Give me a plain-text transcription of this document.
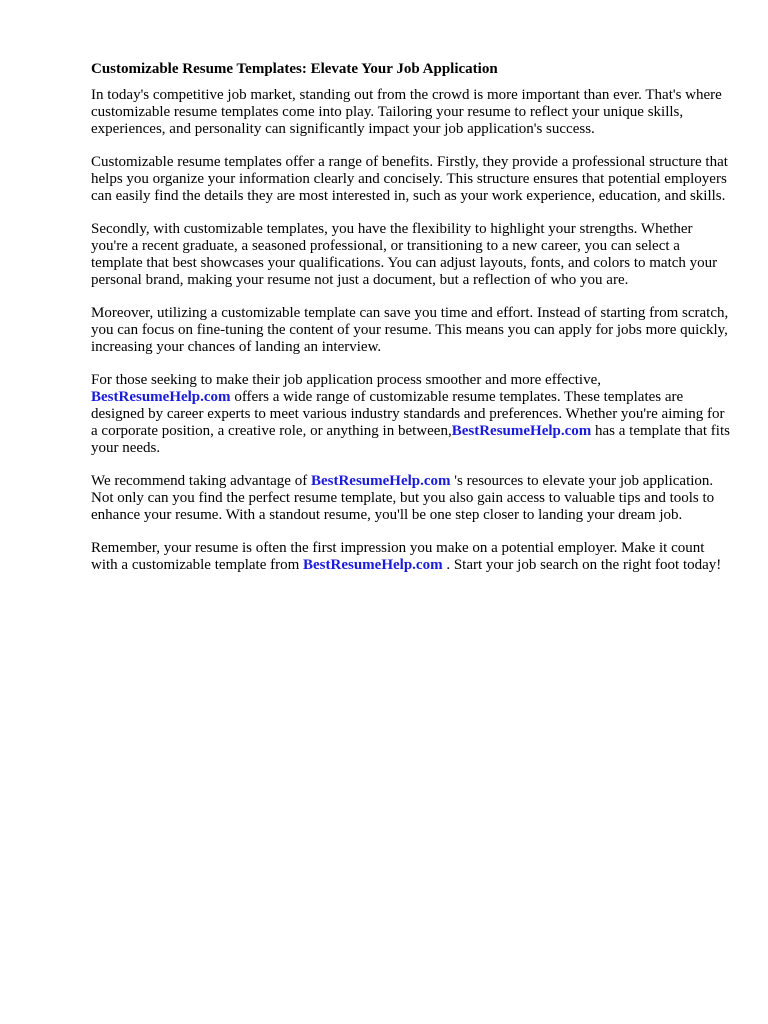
Customizable Resume Templates: Elevate Your Job Application

In today's competitive job market, standing out from the crowd is more important than ever. That's where customizable resume templates come into play. Tailoring your resume to reflect your unique skills, experiences, and personality can significantly impact your job application's success.

Customizable resume templates offer a range of benefits. Firstly, they provide a professional structure that helps you organize your information clearly and concisely. This structure ensures that potential employers can easily find the details they are most interested in, such as your work experience, education, and skills.

Secondly, with customizable templates, you have the flexibility to highlight your strengths. Whether you're a recent graduate, a seasoned professional, or transitioning to a new career, you can select a template that best showcases your qualifications. You can adjust layouts, fonts, and colors to match your personal brand, making your resume not just a document, but a reflection of who you are.

Moreover, utilizing a customizable template can save you time and effort. Instead of starting from scratch, you can focus on fine-tuning the content of your resume. This means you can apply for jobs more quickly, increasing your chances of landing an interview.

For those seeking to make their job application process smoother and more effective, BestResumeHelp.com offers a wide range of customizable resume templates. These templates are designed by career experts to meet various industry standards and preferences. Whether you're aiming for a corporate position, a creative role, or anything in between,BestResumeHelp.com has a template that fits your needs.

We recommend taking advantage of BestResumeHelp.com 's resources to elevate your job application. Not only can you find the perfect resume template, but you also gain access to valuable tips and tools to enhance your resume. With a standout resume, you'll be one step closer to landing your dream job.

Remember, your resume is often the first impression you make on a potential employer. Make it count with a customizable template from BestResumeHelp.com . Start your job search on the right foot today!
